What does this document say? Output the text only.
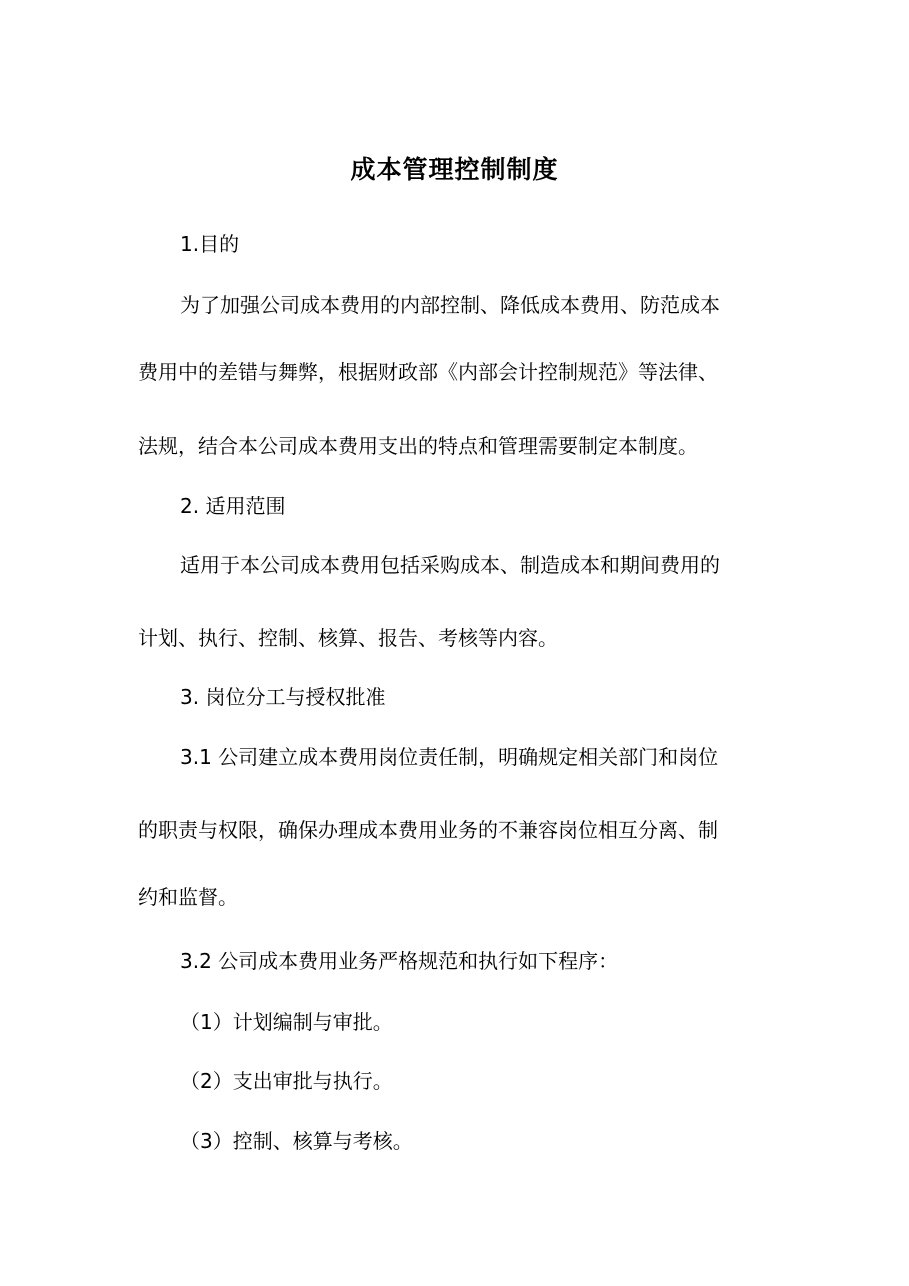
成本管理控制制度
1.目的
为了加强公司成本费用的内部控制、降低成本费用、防范成本
费用中的差错与舞弊，根据财政部《内部会计控制规范》等法律、
法规，结合本公司成本费用支出的特点和管理需要制定本制度。
2. 适用范围
适用于本公司成本费用包括采购成本、制造成本和期间费用的
计划、执行、控制、核算、报告、考核等内容。
3. 岗位分工与授权批准
3.1 公司建立成本费用岗位责任制，明确规定相关部门和岗位
的职责与权限，确保办理成本费用业务的不兼容岗位相互分离、制
约和监督。
3.2 公司成本费用业务严格规范和执行如下程序：
（1）计划编制与审批。
（2）支出审批与执行。
（3）控制、核算与考核。
